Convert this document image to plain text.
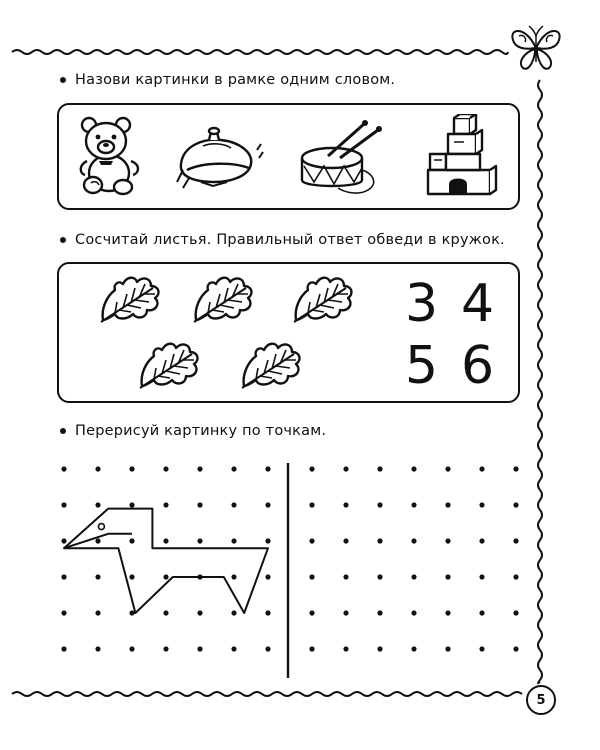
Назови картинки в рамке одним словом.
Сосчитай листья. Правильный ответ обведи в кружок.
3 4
5 6
Перерисуй картинку по точкам.
5
